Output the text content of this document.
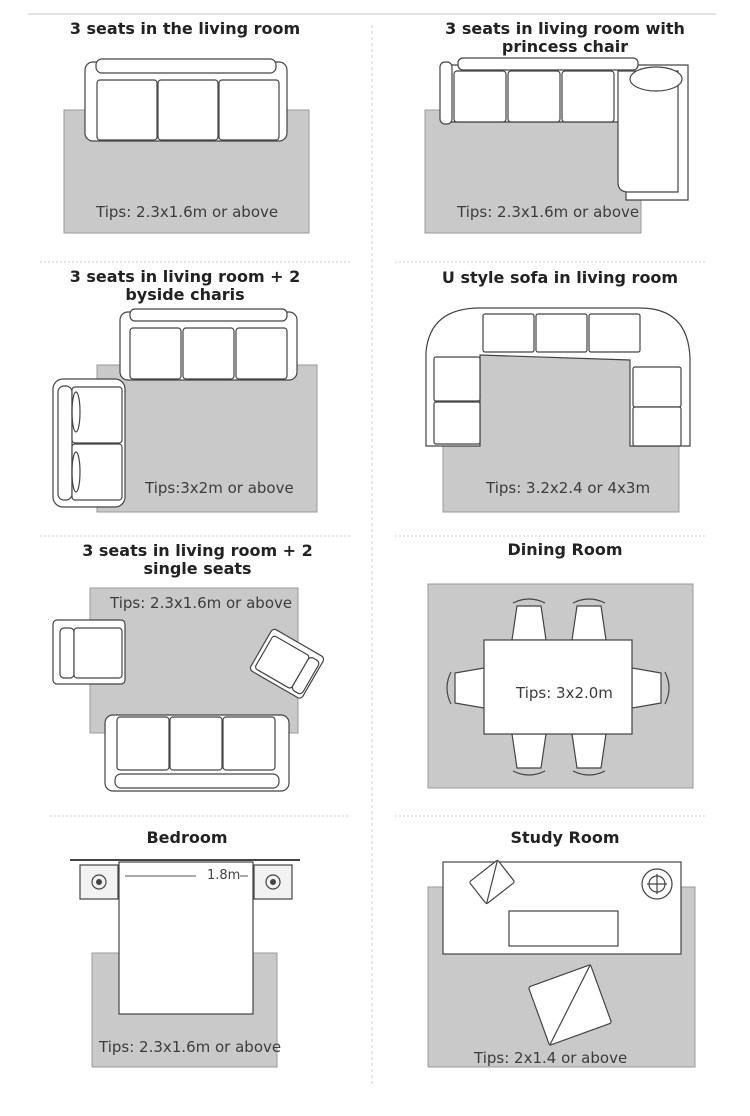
3 seats in the living room	3 seats in living room with princess chair
3 seats in living room + 2 byside charis
U style sofa in living room
3 seats in living room + 2 single seats
Dining Room
Bedroom	Study Room
Tips: 2.3x1.6m or above	Tips: 2.3x1.6m or above
Tips:3x2m or above	Tips: 3.2x2.4 or 4x3m
Tips: 2.3x1.6m or above
Tips: 3x2.0m
1.8m
Tips: 2.3x1.6m or above
Tips: 2x1.4 or above
